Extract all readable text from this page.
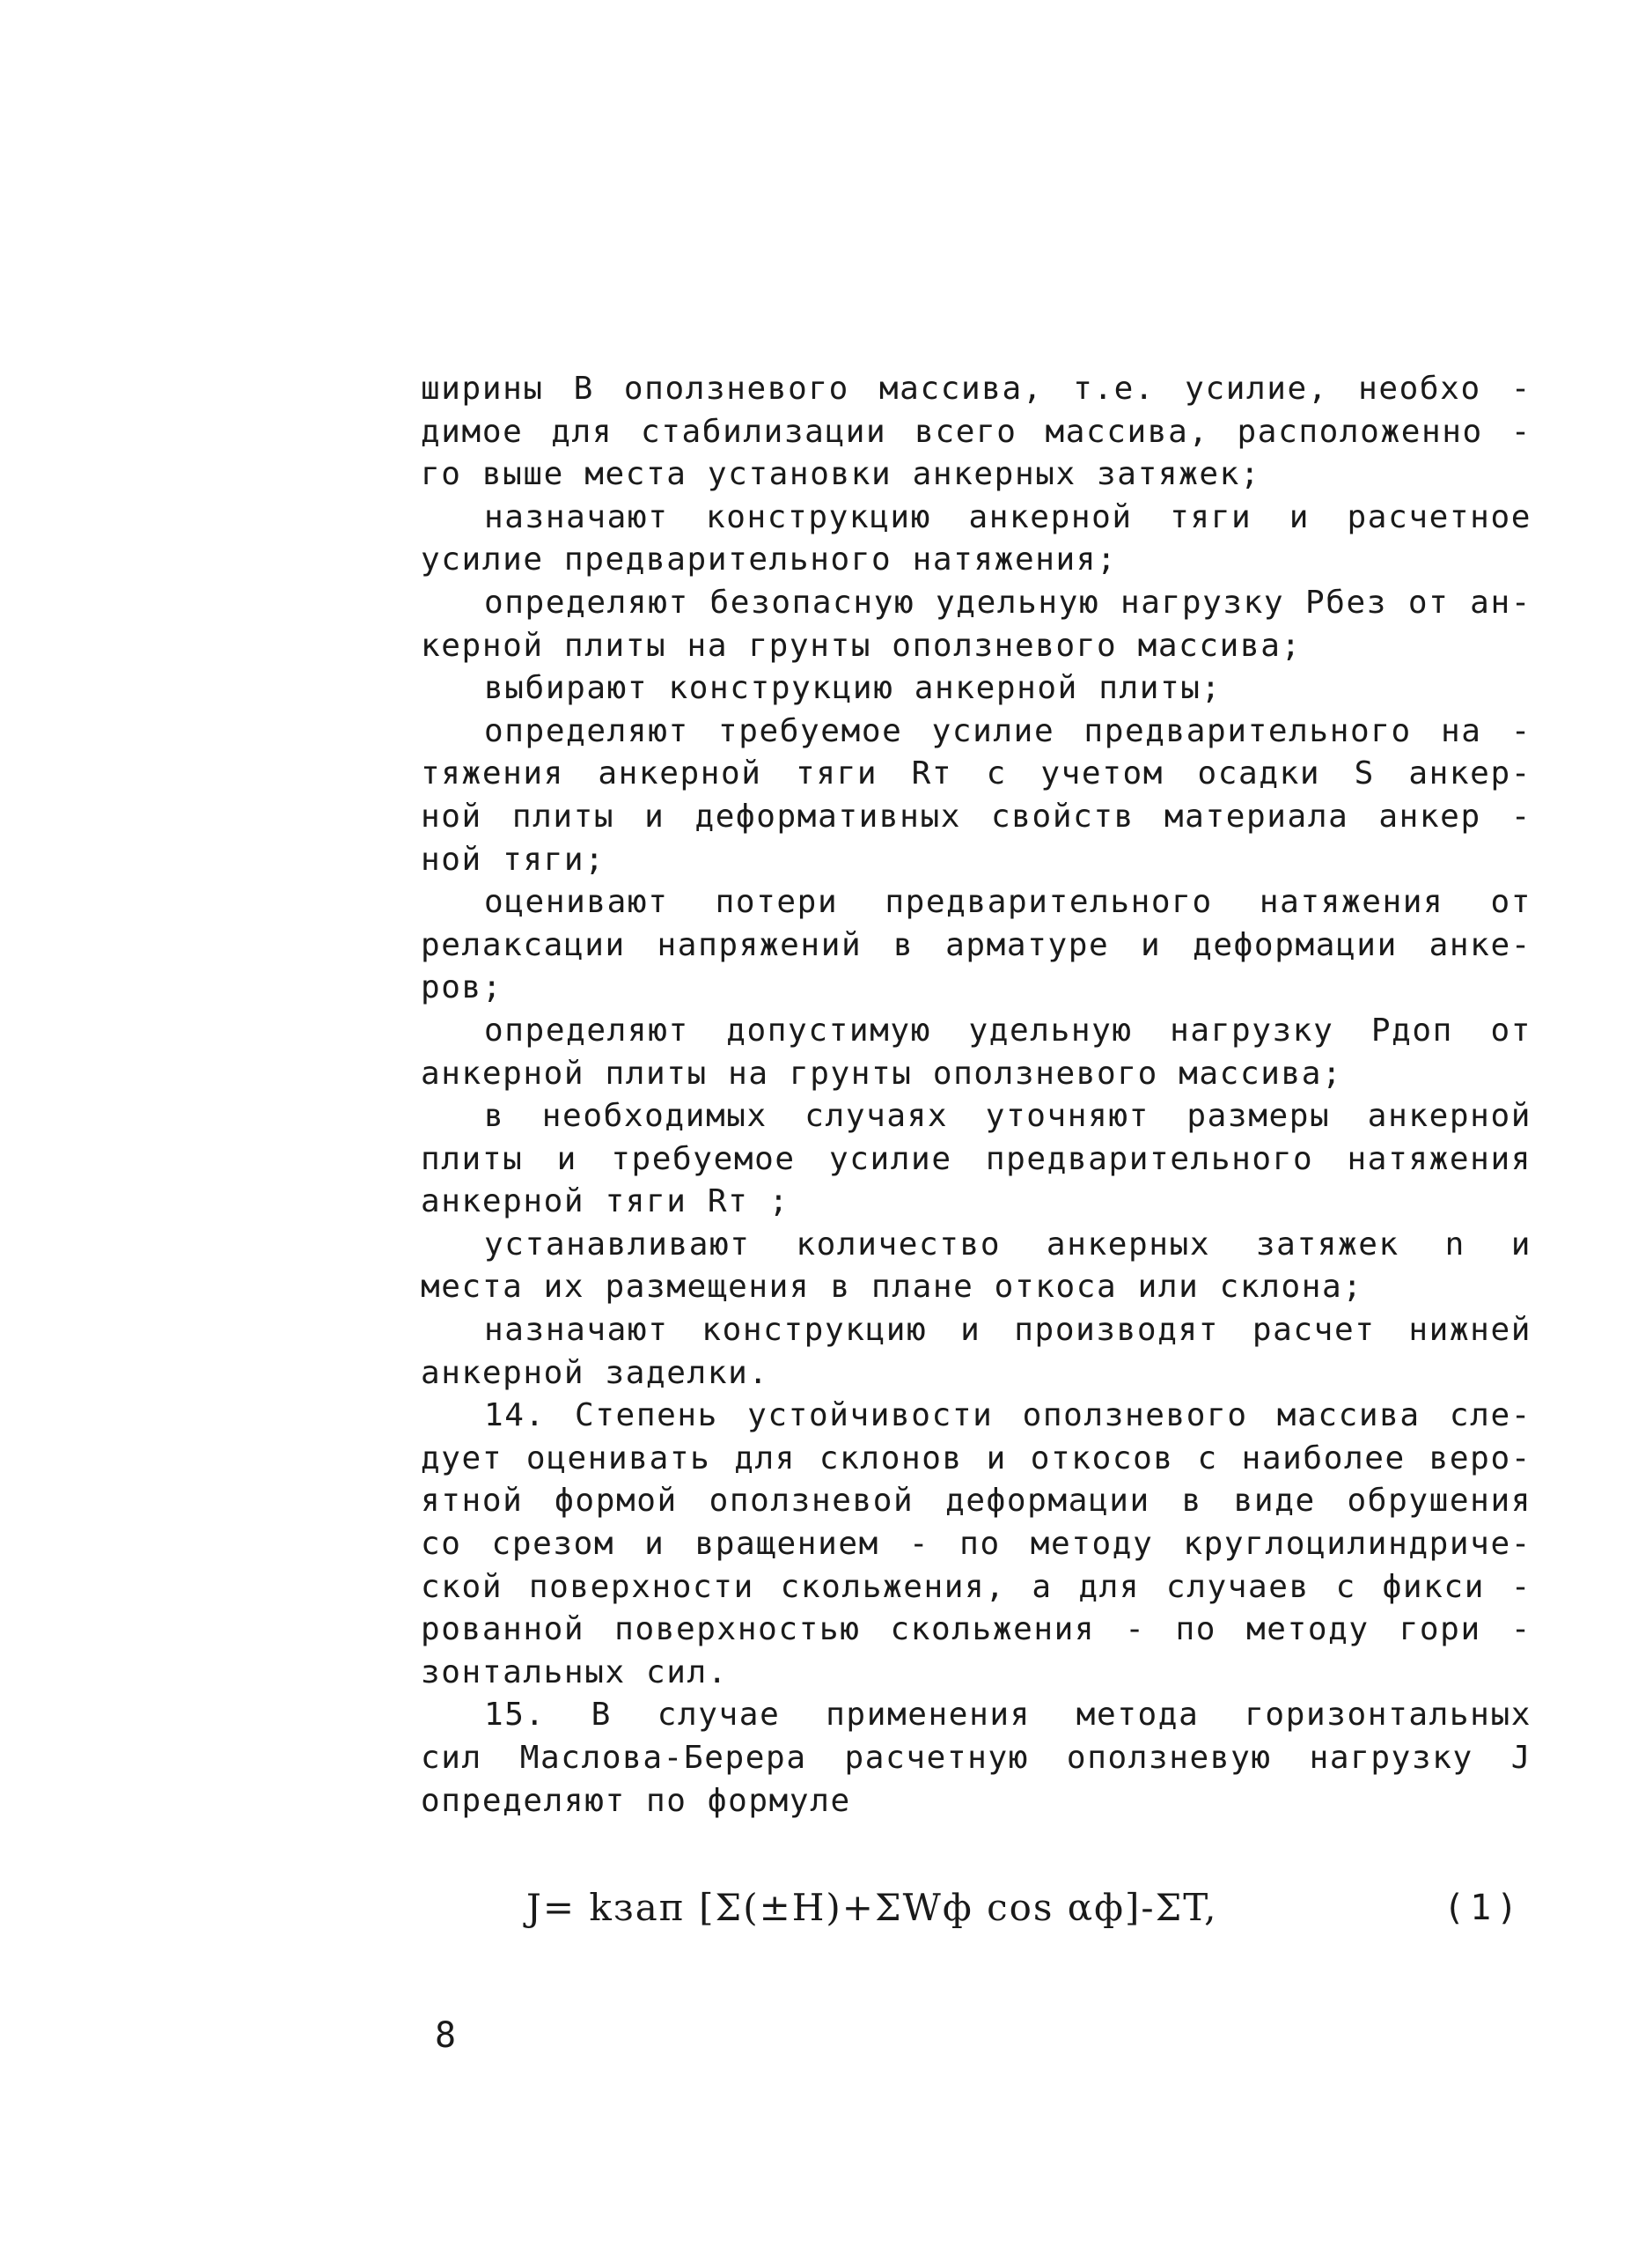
ширины B оползневого массива, т.е. усилие, необхо -
димое для стабилизации всего массива, расположенно -
го выше места установки анкерных затяжек;
назначают конструкцию анкерной тяги и расчетное
усилие предварительного натяжения;
определяют безопасную удельную нагрузку Pбез от ан-
керной плиты на грунты оползневого массива;
выбирают конструкцию анкерной плиты;
определяют требуемое усилие предварительного на -
тяжения анкерной тяги Rт с учетом осадки S анкер-
ной плиты и деформативных свойств материала анкер -
ной тяги;
оценивают потери предварительного натяжения от
релаксации напряжений в арматуре и деформации анке-
ров;
определяют допустимую удельную нагрузку Pдоп от
анкерной плиты на грунты оползневого массива;
в необходимых случаях уточняют размеры анкерной
плиты и требуемое усилие предварительного натяжения
анкерной тяги Rт ;
устанавливают количество анкерных затяжек n и
места их размещения в плане откоса или склона;
назначают конструкцию и производят расчет нижней
анкерной заделки.
14. Степень устойчивости оползневого массива сле-
дует оценивать для склонов и откосов с наиболее веро-
ятной формой оползневой деформации в виде обрушения
со срезом и вращением - по методу круглоцилиндриче-
ской поверхности скольжения, а для случаев с фикси -
рованной поверхностью скольжения - по методу гори -
зонтальных сил.
15. В случае применения метода горизонтальных
сил Маслова-Берера расчетную оползневую нагрузку J
определяют по формуле
J= kзап [Σ(±H)+ΣWф cos αф]-ΣT,	(1)
8
